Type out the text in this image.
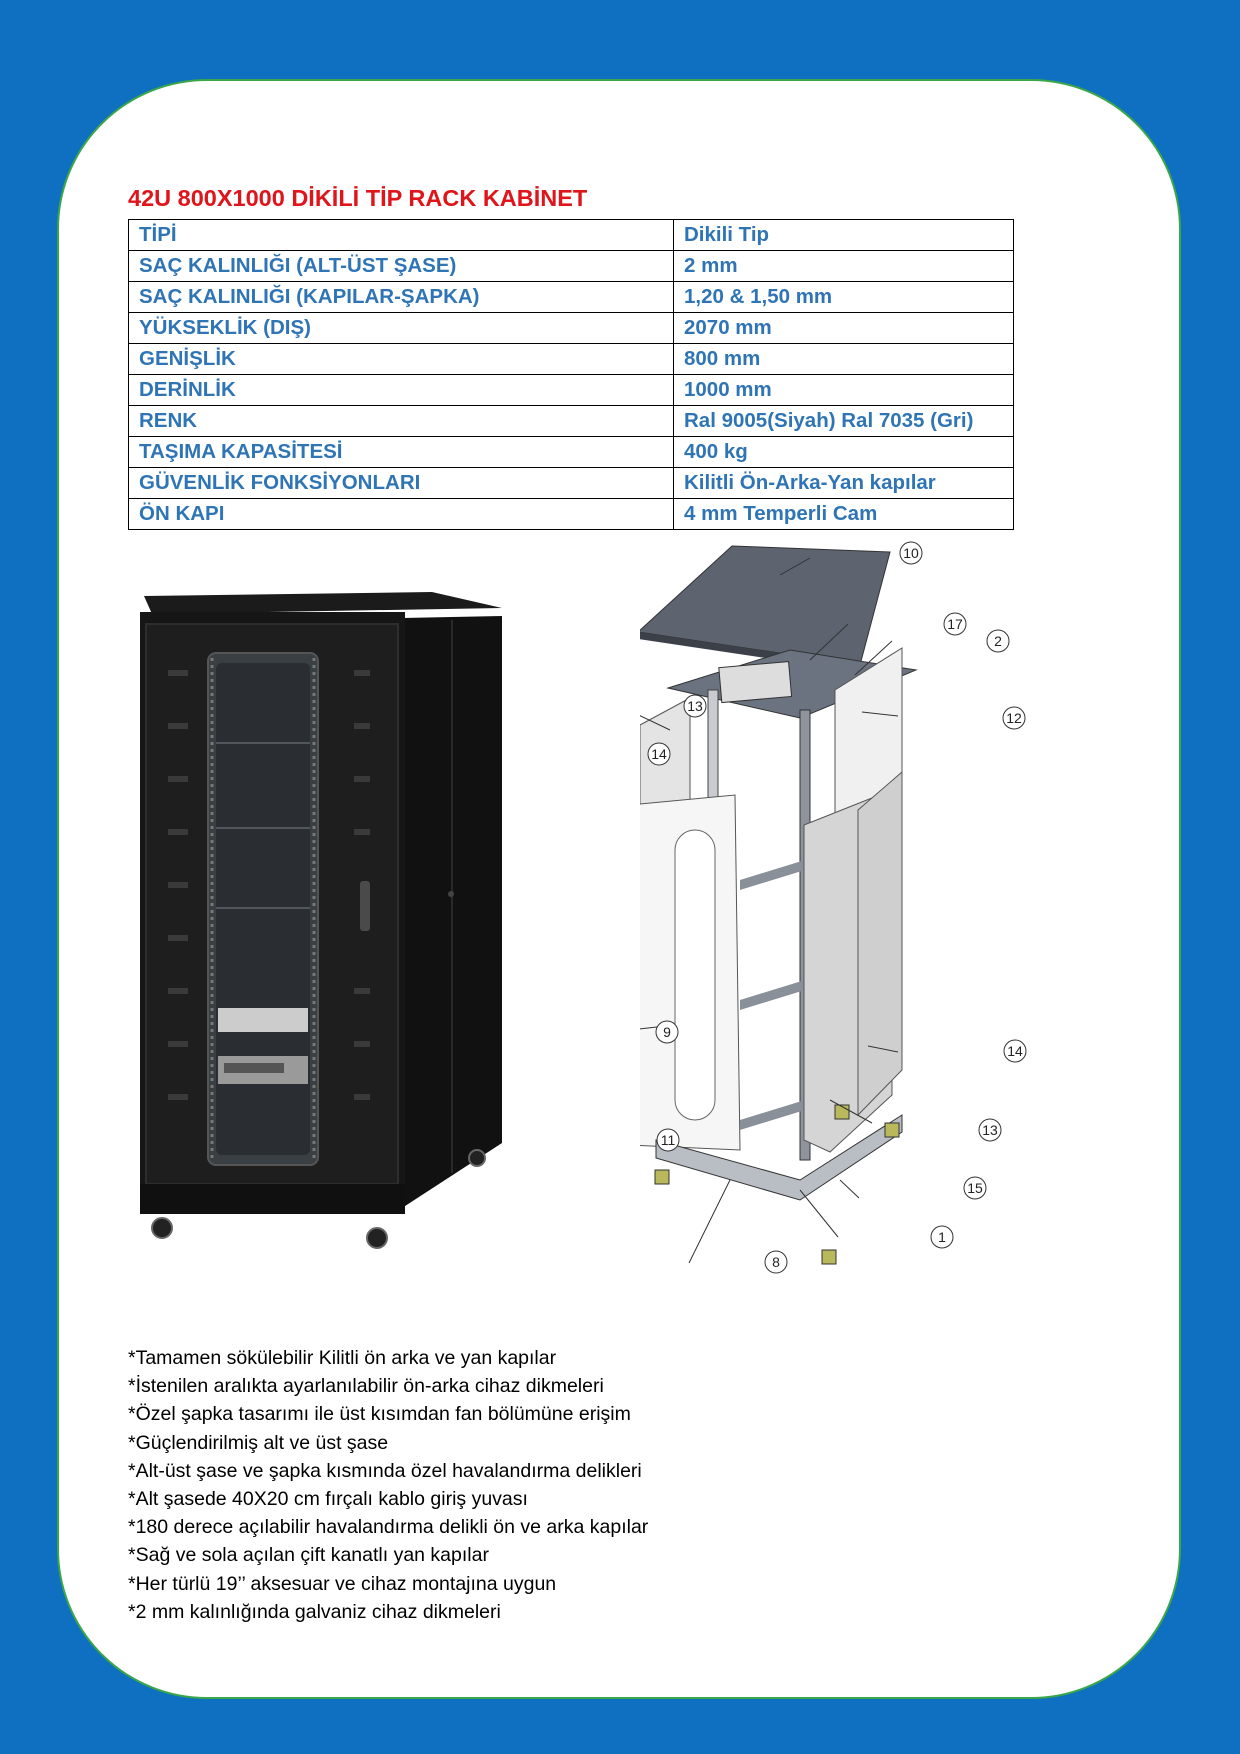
42U 800X1000 DİKİLİ TİP RACK KABİNET
TİPİ	Dikili Tip
SAÇ KALINLIĞI (ALT-ÜST ŞASE)	2 mm
SAÇ KALINLIĞI (KAPILAR-ŞAPKA)	1,20 & 1,50 mm
YÜKSEKLİK (DIŞ)	2070 mm
GENİŞLİK	800 mm
DERİNLİK	1000 mm
RENK	Ral 9005(Siyah) Ral 7035 (Gri)
TAŞIMA KAPASİTESİ	400 kg
GÜVENLİK FONKSİYONLARI	Kilitli Ön-Arka-Yan kapılar
ÖN KAPI	4 mm Temperli Cam
10
17
2
12
13
14
9
14
13
11
15
1
8
*Tamamen sökülebilir Kilitli ön arka ve yan kapılar
*İstenilen aralıkta ayarlanılabilir ön-arka cihaz dikmeleri
*Özel şapka tasarımı ile üst kısımdan fan bölümüne erişim
*Güçlendirilmiş alt ve üst şase
*Alt-üst şase ve şapka kısmında özel havalandırma delikleri
*Alt şasede 40X20 cm fırçalı kablo giriş yuvası
*180 derece açılabilir havalandırma delikli ön ve arka kapılar
*Sağ ve sola açılan çift kanatlı yan kapılar
*Her türlü 19’’ aksesuar ve cihaz montajına uygun
*2 mm kalınlığında galvaniz cihaz dikmeleri
